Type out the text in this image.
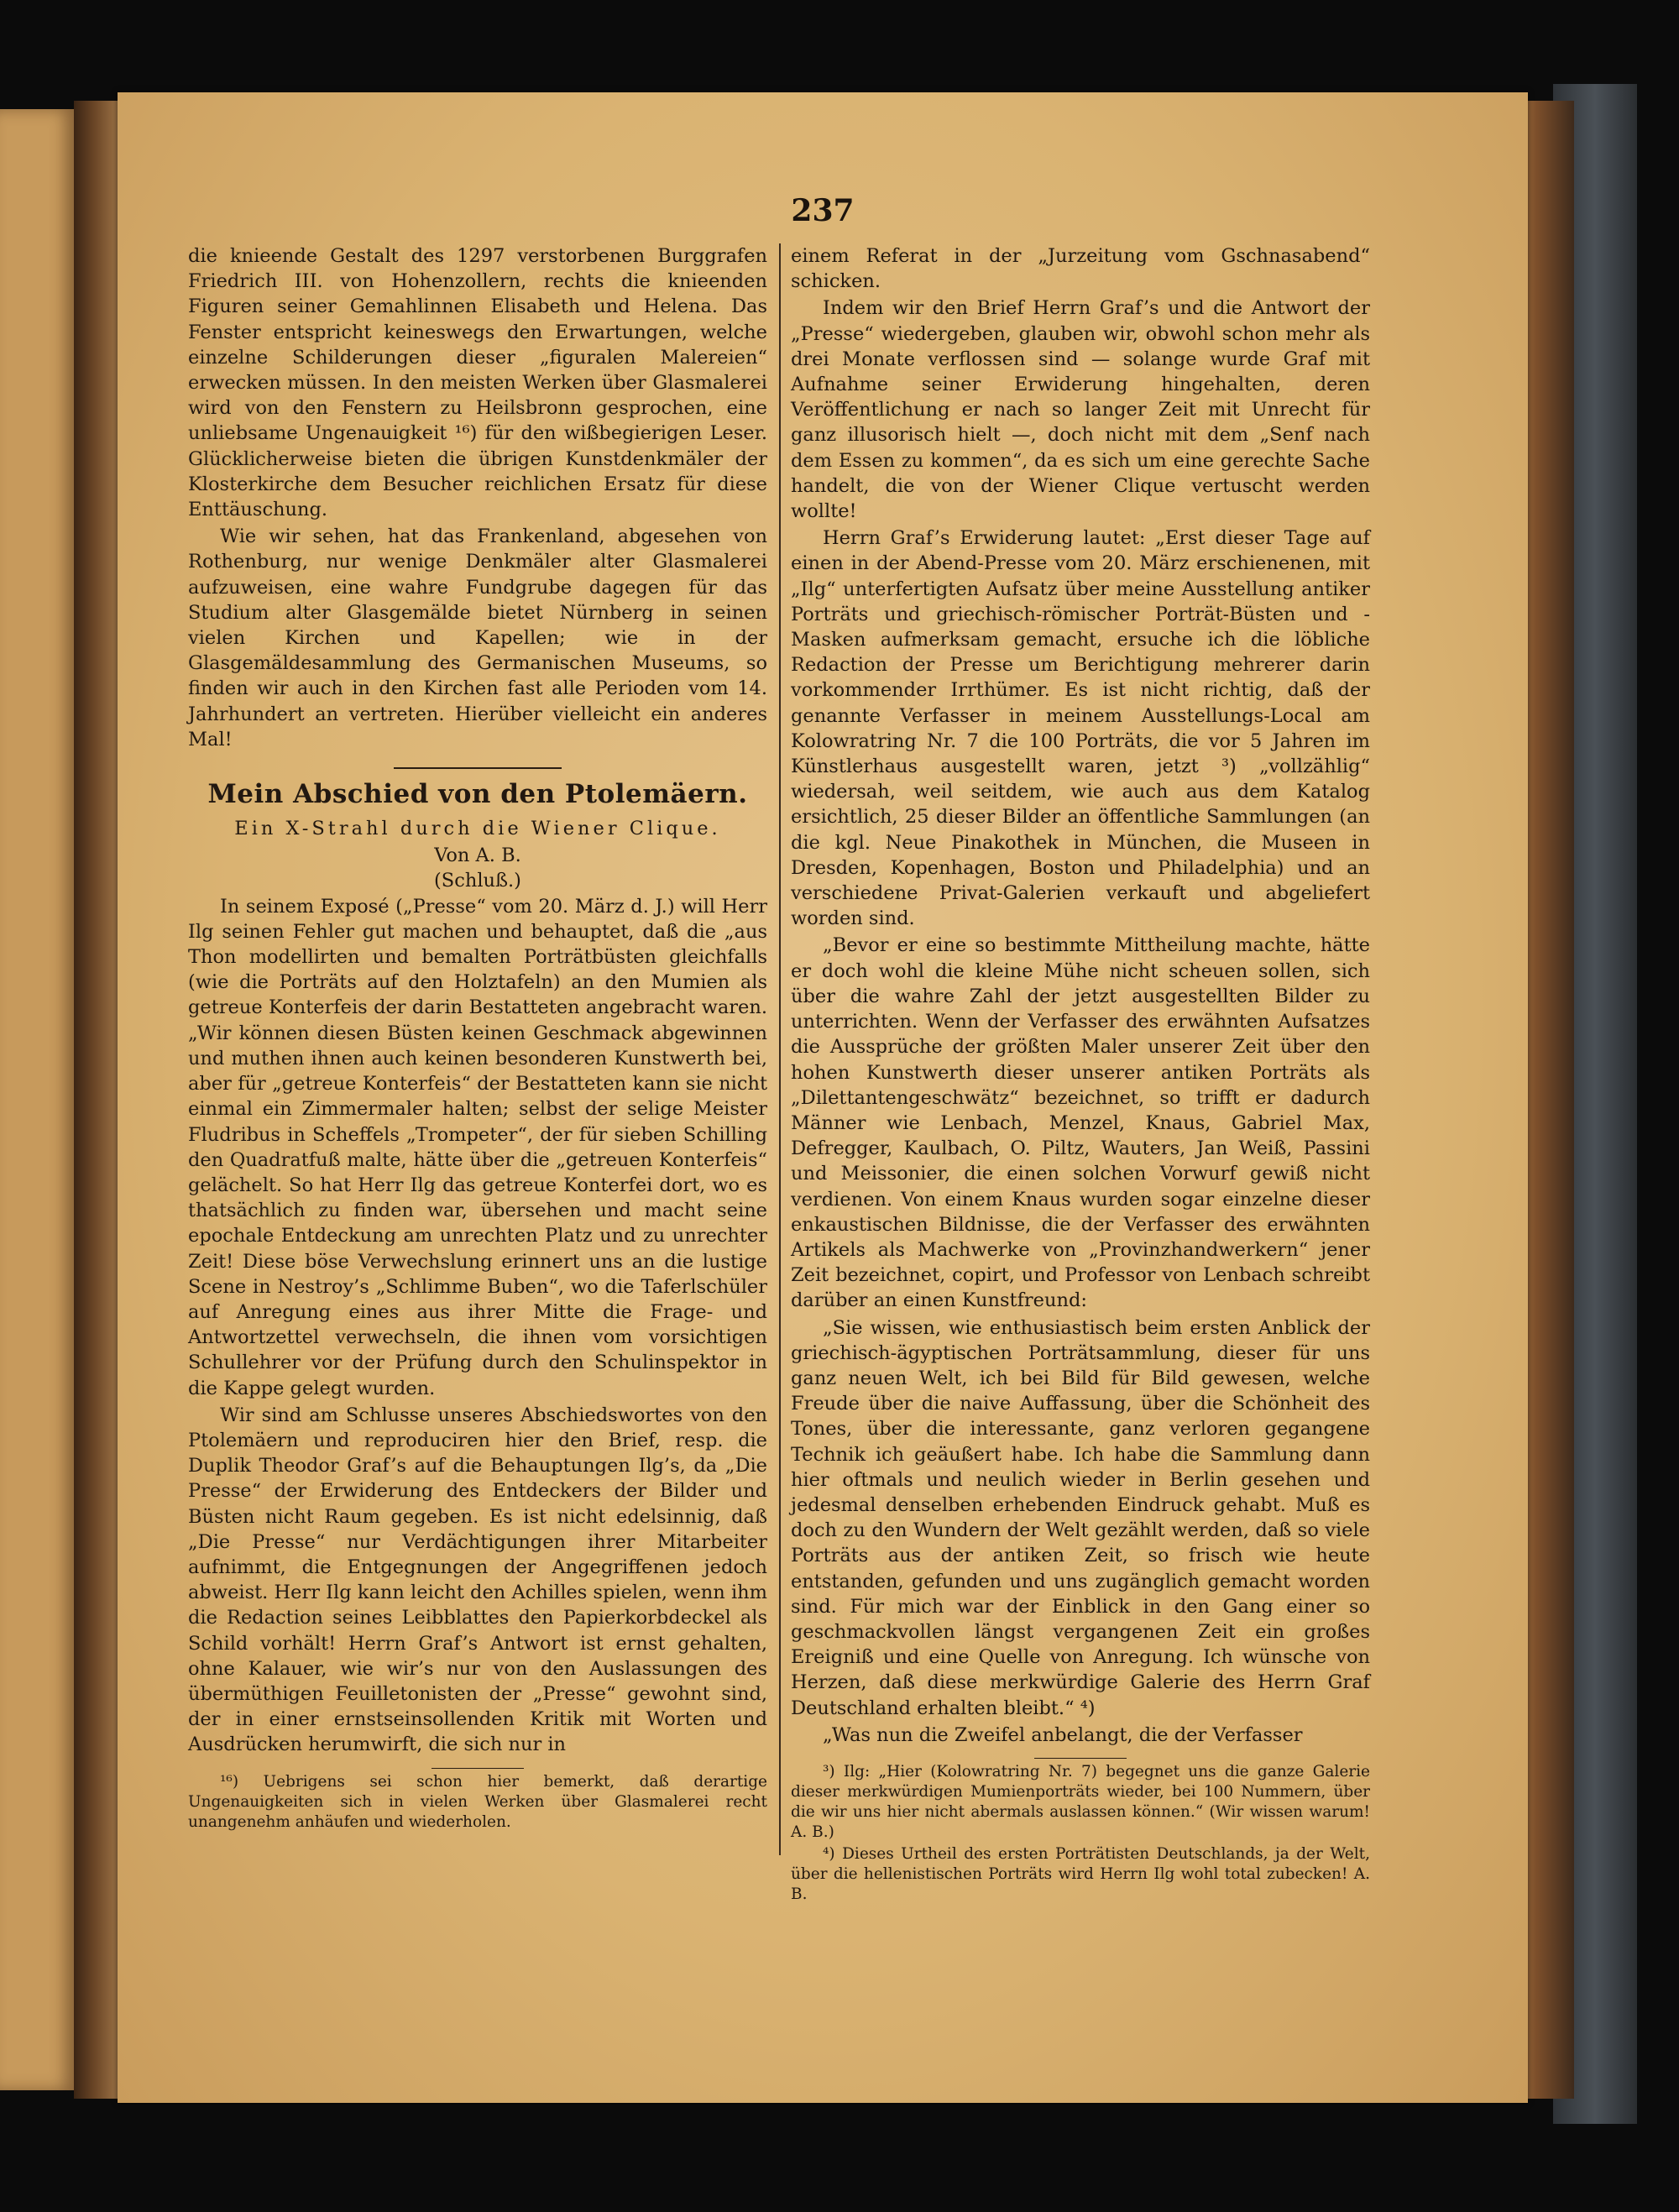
237

die knieende Gestalt des 1297 verstorbenen Burggrafen Friedrich III. von Hohenzollern, rechts die knieenden Figuren seiner Gemahlinnen Elisabeth und Helena. Das Fenster entspricht keineswegs den Erwartungen, welche einzelne Schilderungen dieser „figuralen Malereien“ erwecken müssen. In den meisten Werken über Glasmalerei wird von den Fenstern zu Heilsbronn gesprochen, eine unliebsame Ungenauigkeit ¹⁶) für den wißbegierigen Leser. Glücklicherweise bieten die übrigen Kunstdenkmäler der Klosterkirche dem Besucher reichlichen Ersatz für diese Enttäuschung.

Wie wir sehen, hat das Frankenland, abgesehen von Rothenburg, nur wenige Denkmäler alter Glasmalerei aufzuweisen, eine wahre Fundgrube dagegen für das Studium alter Glasgemälde bietet Nürnberg in seinen vielen Kirchen und Kapellen; wie in der Glasgemäldesammlung des Germanischen Museums, so finden wir auch in den Kirchen fast alle Perioden vom 14. Jahrhundert an vertreten. Hierüber vielleicht ein anderes Mal!

Mein Abschied von den Ptolemäern.
Ein X-Strahl durch die Wiener Clique.
Von A. B.
(Schluß.)

In seinem Exposé („Presse“ vom 20. März d. J.) will Herr Ilg seinen Fehler gut machen und behauptet, daß die „aus Thon modellirten und bemalten Porträtbüsten gleichfalls (wie die Porträts auf den Holztafeln) an den Mumien als getreue Konterfeis der darin Bestatteten angebracht waren. „Wir können diesen Büsten keinen Geschmack abgewinnen und muthen ihnen auch keinen besonderen Kunstwerth bei, aber für „getreue Konterfeis“ der Bestatteten kann sie nicht einmal ein Zimmermaler halten; selbst der selige Meister Fludribus in Scheffels „Trompeter“, der für sieben Schilling den Quadratfuß malte, hätte über die „getreuen Konterfeis“ gelächelt. So hat Herr Ilg das getreue Konterfei dort, wo es thatsächlich zu finden war, übersehen und macht seine epochale Entdeckung am unrechten Platz und zu unrechter Zeit! Diese böse Verwechslung erinnert uns an die lustige Scene in Nestroy’s „Schlimme Buben“, wo die Taferlschüler auf Anregung eines aus ihrer Mitte die Frage- und Antwortzettel verwechseln, die ihnen vom vorsichtigen Schullehrer vor der Prüfung durch den Schulinspektor in die Kappe gelegt wurden.

Wir sind am Schlusse unseres Abschiedswortes von den Ptolemäern und reproduciren hier den Brief, resp. die Duplik Theodor Graf’s auf die Behauptungen Ilg’s, da „Die Presse“ der Erwiderung des Entdeckers der Bilder und Büsten nicht Raum gegeben. Es ist nicht edelsinnig, daß „Die Presse“ nur Verdächtigungen ihrer Mitarbeiter aufnimmt, die Entgegnungen der Angegriffenen jedoch abweist. Herr Ilg kann leicht den Achilles spielen, wenn ihm die Redaction seines Leibblattes den Papierkorbdeckel als Schild vorhält! Herrn Graf’s Antwort ist ernst gehalten, ohne Kalauer, wie wir’s nur von den Auslassungen des übermüthigen Feuilletonisten der „Presse“ gewohnt sind, der in einer ernstseinsollenden Kritik mit Worten und Ausdrücken herumwirft, die sich nur in

¹⁶) Uebrigens sei schon hier bemerkt, daß derartige Ungenauigkeiten sich in vielen Werken über Glasmalerei recht unangenehm anhäufen und wiederholen.

einem Referat in der „Jurzeitung vom Gschnasabend“ schicken.

Indem wir den Brief Herrn Graf’s und die Antwort der „Presse“ wiedergeben, glauben wir, obwohl schon mehr als drei Monate verflossen sind — solange wurde Graf mit Aufnahme seiner Erwiderung hingehalten, deren Veröffentlichung er nach so langer Zeit mit Unrecht für ganz illusorisch hielt —, doch nicht mit dem „Senf nach dem Essen zu kommen“, da es sich um eine gerechte Sache handelt, die von der Wiener Clique vertuscht werden wollte!

Herrn Graf’s Erwiderung lautet: „Erst dieser Tage auf einen in der Abend-Presse vom 20. März erschienenen, mit „Ilg“ unterfertigten Aufsatz über meine Ausstellung antiker Porträts und griechisch-römischer Porträt-Büsten und -Masken aufmerksam gemacht, ersuche ich die löbliche Redaction der Presse um Berichtigung mehrerer darin vorkommender Irrthümer. Es ist nicht richtig, daß der genannte Verfasser in meinem Ausstellungs-Local am Kolowratring Nr. 7 die 100 Porträts, die vor 5 Jahren im Künstlerhaus ausgestellt waren, jetzt ³) „vollzählig“ wiedersah, weil seitdem, wie auch aus dem Katalog ersichtlich, 25 dieser Bilder an öffentliche Sammlungen (an die kgl. Neue Pinakothek in München, die Museen in Dresden, Kopenhagen, Boston und Philadelphia) und an verschiedene Privat-Galerien verkauft und abgeliefert worden sind.

„Bevor er eine so bestimmte Mittheilung machte, hätte er doch wohl die kleine Mühe nicht scheuen sollen, sich über die wahre Zahl der jetzt ausgestellten Bilder zu unterrichten. Wenn der Verfasser des erwähnten Aufsatzes die Aussprüche der größten Maler unserer Zeit über den hohen Kunstwerth dieser unserer antiken Porträts als „Dilettantengeschwätz“ bezeichnet, so trifft er dadurch Männer wie Lenbach, Menzel, Knaus, Gabriel Max, Defregger, Kaulbach, O. Piltz, Wauters, Jan Weiß, Passini und Meissonier, die einen solchen Vorwurf gewiß nicht verdienen. Von einem Knaus wurden sogar einzelne dieser enkaustischen Bildnisse, die der Verfasser des erwähnten Artikels als Machwerke von „Provinzhandwerkern“ jener Zeit bezeichnet, copirt, und Professor von Lenbach schreibt darüber an einen Kunstfreund:

„Sie wissen, wie enthusiastisch beim ersten Anblick der griechisch-ägyptischen Porträtsammlung, dieser für uns ganz neuen Welt, ich bei Bild für Bild gewesen, welche Freude über die naive Auffassung, über die Schönheit des Tones, über die interessante, ganz verloren gegangene Technik ich geäußert habe. Ich habe die Sammlung dann hier oftmals und neulich wieder in Berlin gesehen und jedesmal denselben erhebenden Eindruck gehabt. Muß es doch zu den Wundern der Welt gezählt werden, daß so viele Porträts aus der antiken Zeit, so frisch wie heute entstanden, gefunden und uns zugänglich gemacht worden sind. Für mich war der Einblick in den Gang einer so geschmackvollen längst vergangenen Zeit ein großes Ereigniß und eine Quelle von Anregung. Ich wünsche von Herzen, daß diese merkwürdige Galerie des Herrn Graf Deutschland erhalten bleibt.“ ⁴)

„Was nun die Zweifel anbelangt, die der Verfasser

³) Ilg: „Hier (Kolowratring Nr. 7) begegnet uns die ganze Galerie dieser merkwürdigen Mumienporträts wieder, bei 100 Nummern, über die wir uns hier nicht abermals auslassen können.“ (Wir wissen warum! A. B.)

⁴) Dieses Urtheil des ersten Porträtisten Deutschlands, ja der Welt, über die hellenistischen Porträts wird Herrn Ilg wohl total zubecken! A. B.
